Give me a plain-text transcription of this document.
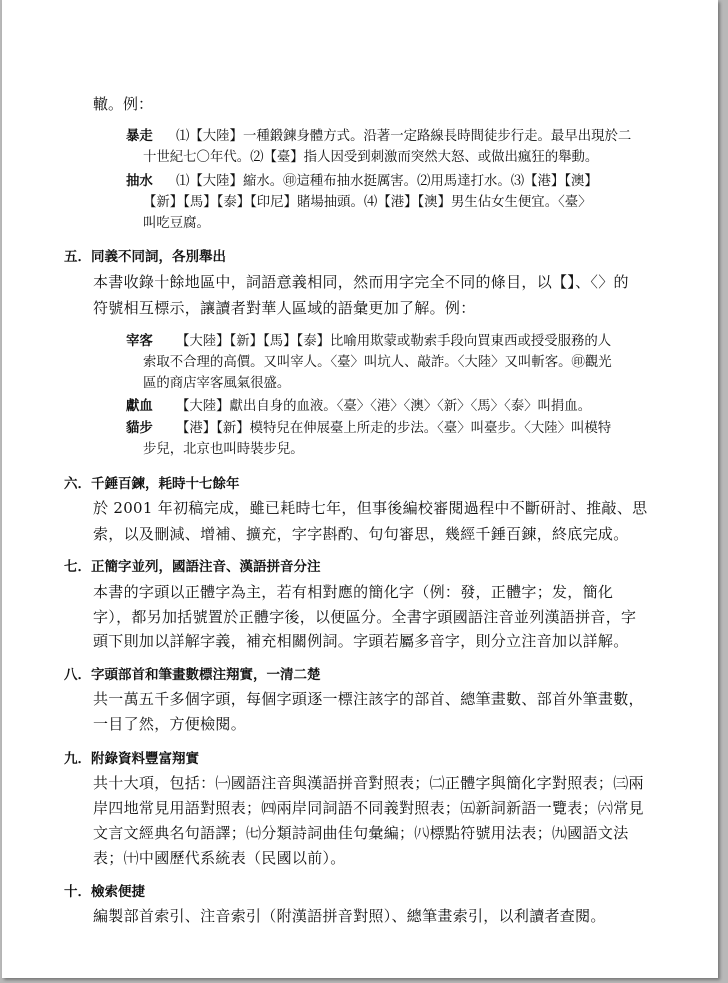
轍。例：
暴走 ⑴【大陸】一種鍛鍊身體方式。沿著一定路線長時間徒步行走。最早出現於二
十世紀七〇年代。⑵【臺】指人因受到刺激而突然大怒、或做出瘋狂的舉動。
抽水 ⑴【大陸】縮水。㊞這種布抽水挺厲害。⑵用馬達打水。⑶【港】【澳】
【新】【馬】【泰】【印尼】賭場抽頭。⑷【港】【澳】男生佔女生便宜。〈臺〉
叫吃豆腐。
五．同義不同詞，各別舉出
本書收錄十餘地區中，詞語意義相同，然而用字完全不同的條目，以【】、〈〉的
符號相互標示，讓讀者對華人區域的語彙更加了解。例：
宰客 【大陸】【新】【馬】【泰】比喻用欺蒙或勒索手段向買東西或授受服務的人
索取不合理的高價。又叫宰人。〈臺〉叫坑人、敲詐。〈大陸〉又叫斬客。㊞觀光
區的商店宰客風氣很盛。
獻血 【大陸】獻出自身的血液。〈臺〉〈港〉〈澳〉〈新〉〈馬〉〈泰〉叫捐血。
貓步 【港】【新】模特兒在伸展臺上所走的步法。〈臺〉叫臺步。〈大陸〉叫模特
步兒，北京也叫時裝步兒。
六．千錘百鍊，耗時十七餘年
於 2001 年初稿完成，雖已耗時七年，但事後編校審閱過程中不斷研討、推敲、思
索，以及刪減、增補、擴充，字字斟酌、句句審思，幾經千錘百鍊，終底完成。
七．正簡字並列，國語注音、漢語拼音分注
本書的字頭以正體字為主，若有相對應的簡化字（例：發，正體字；发，簡化
字），都另加括號置於正體字後，以便區分。全書字頭國語注音並列漢語拼音，字
頭下則加以詳解字義，補充相關例詞。字頭若屬多音字，則分立注音加以詳解。
八．字頭部首和筆畫數標注翔實，一清二楚
共一萬五千多個字頭，每個字頭逐一標注該字的部首、總筆畫數、部首外筆畫數，
一目了然，方便檢閱。
九．附錄資料豐富翔實
共十大項，包括：㈠國語注音與漢語拼音對照表；㈡正體字與簡化字對照表；㈢兩
岸四地常見用語對照表；㈣兩岸同詞語不同義對照表；㈤新詞新語一覽表；㈥常見
文言文經典名句語譯；㈦分類詩詞曲佳句彙編；㈧標點符號用法表；㈨國語文法
表；㈩中國歷代系統表（民國以前）。
十．檢索便捷
編製部首索引、注音索引（附漢語拼音對照）、總筆畫索引，以利讀者查閱。
